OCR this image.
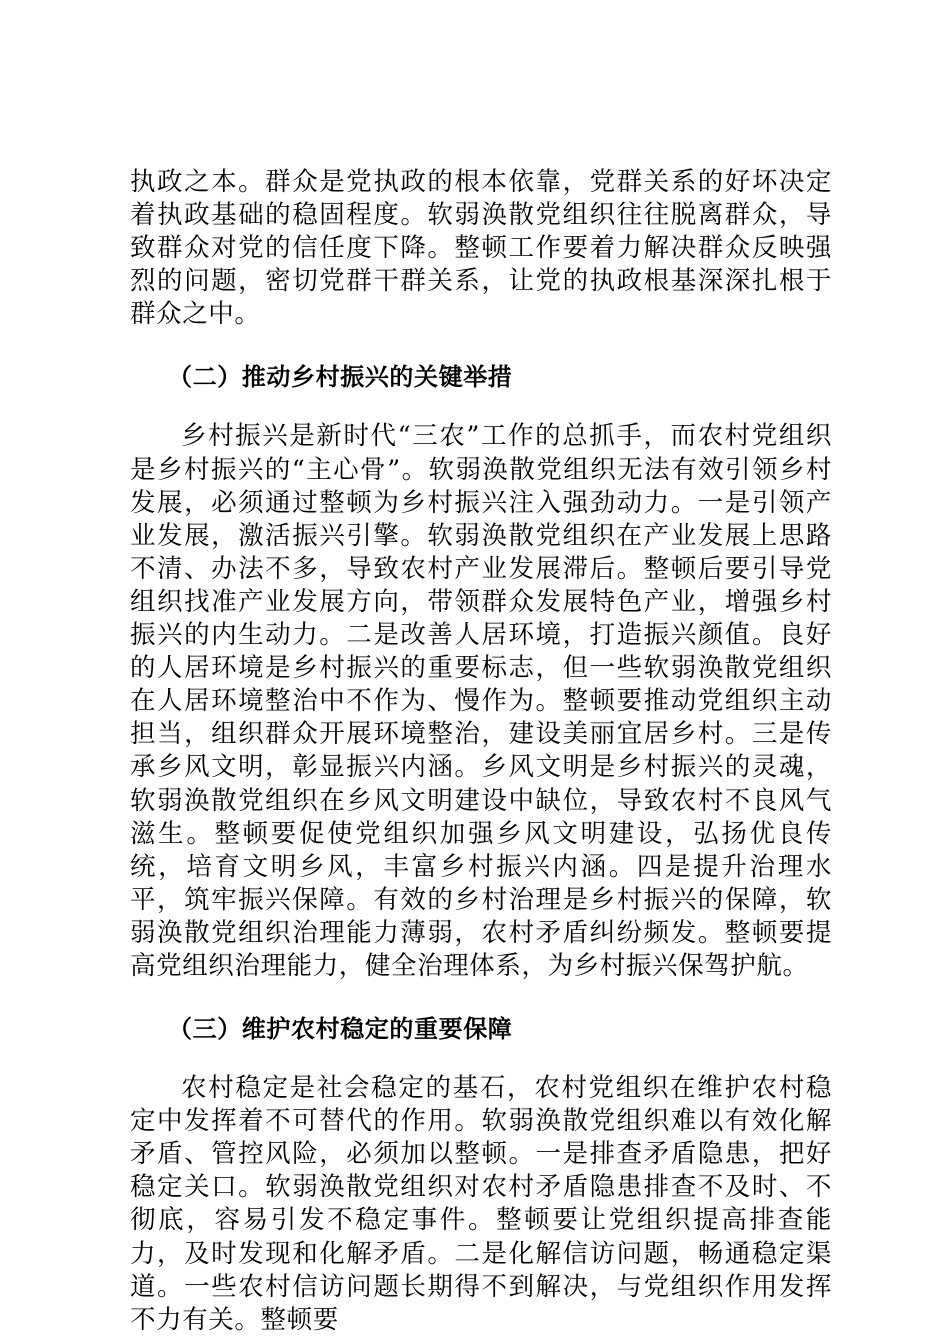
执政之本。群众是党执政的根本依靠，党群关系的好坏决定着执政基础的稳固程度。软弱涣散党组织往往脱离群众，导致群众对党的信任度下降。整顿工作要着力解决群众反映强烈的问题，密切党群干群关系，让党的执政根基深深扎根于群众之中。

（二）推动乡村振兴的关键举措

乡村振兴是新时代“三农”工作的总抓手，而农村党组织是乡村振兴的“主心骨”。软弱涣散党组织无法有效引领乡村发展，必须通过整顿为乡村振兴注入强劲动力。一是引领产业发展，激活振兴引擎。软弱涣散党组织在产业发展上思路不清、办法不多，导致农村产业发展滞后。整顿后要引导党组织找准产业发展方向，带领群众发展特色产业，增强乡村振兴的内生动力。二是改善人居环境，打造振兴颜值。良好的人居环境是乡村振兴的重要标志，但一些软弱涣散党组织在人居环境整治中不作为、慢作为。整顿要推动党组织主动担当，组织群众开展环境整治，建设美丽宜居乡村。三是传承乡风文明，彰显振兴内涵。乡风文明是乡村振兴的灵魂，软弱涣散党组织在乡风文明建设中缺位，导致农村不良风气滋生。整顿要促使党组织加强乡风文明建设，弘扬优良传统，培育文明乡风，丰富乡村振兴内涵。四是提升治理水平，筑牢振兴保障。有效的乡村治理是乡村振兴的保障，软弱涣散党组织治理能力薄弱，农村矛盾纠纷频发。整顿要提高党组织治理能力，健全治理体系，为乡村振兴保驾护航。

（三）维护农村稳定的重要保障

农村稳定是社会稳定的基石，农村党组织在维护农村稳定中发挥着不可替代的作用。软弱涣散党组织难以有效化解矛盾、管控风险，必须加以整顿。一是排查矛盾隐患，把好稳定关口。软弱涣散党组织对农村矛盾隐患排查不及时、不彻底，容易引发不稳定事件。整顿要让党组织提高排查能力，及时发现和化解矛盾。二是化解信访问题，畅通稳定渠道。一些农村信访问题长期得不到解决，与党组织作用发挥不力有关。整顿要
